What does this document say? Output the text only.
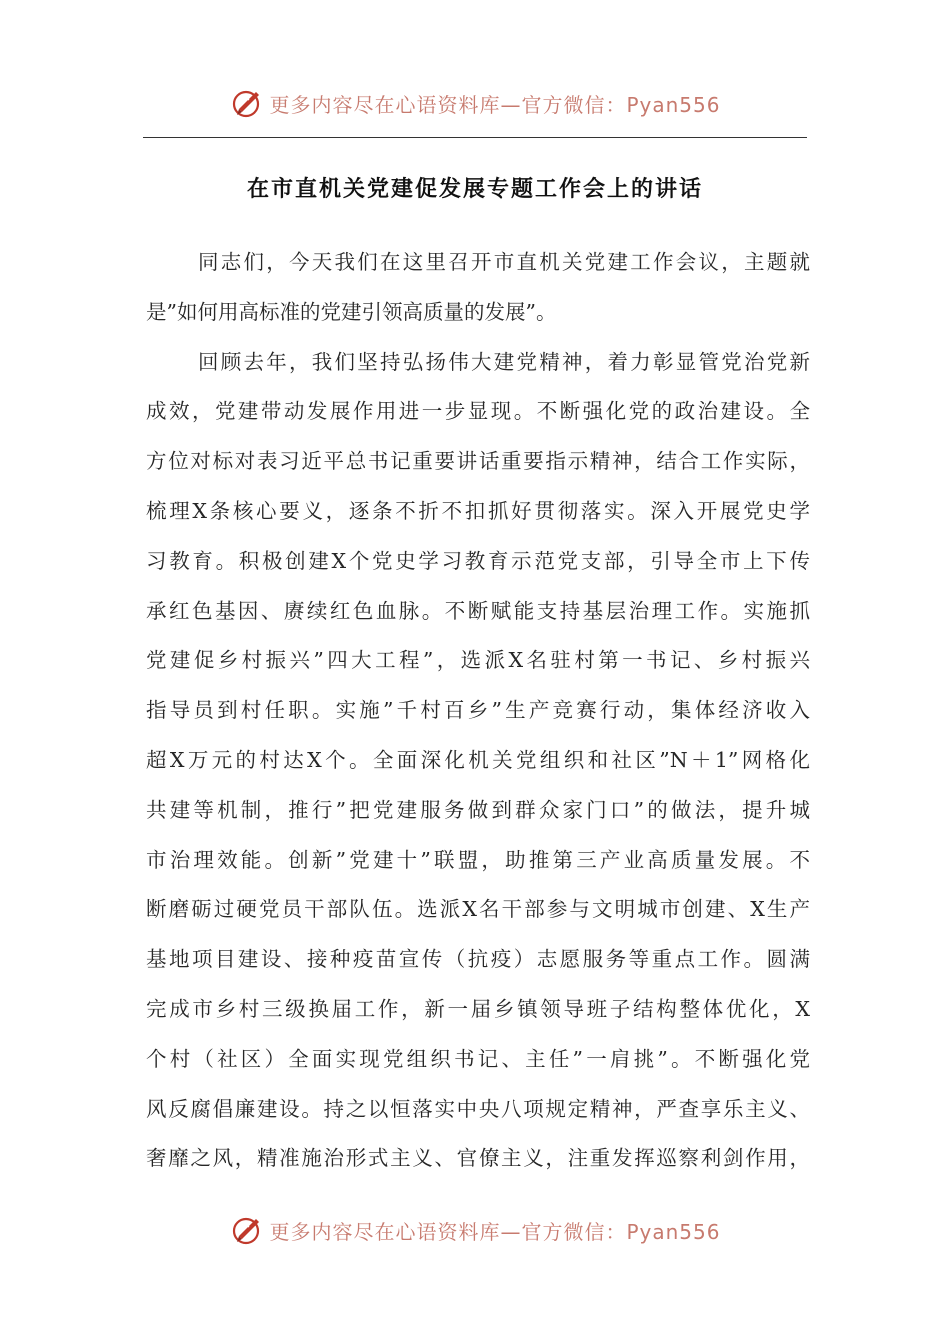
更多内容尽在心语资料库—官方微信：Pyan556
在市直机关党建促发展专题工作会上的讲话
同志们，今天我们在这里召开市直机关党建工作会议，主题就
是”如何用高标准的党建引领高质量的发展”。
回顾去年，我们坚持弘扬伟大建党精神，着力彰显管党治党新
成效，党建带动发展作用进一步显现。不断强化党的政治建设。全
方位对标对表习近平总书记重要讲话重要指示精神，结合工作实际，
梳理X条核心要义，逐条不折不扣抓好贯彻落实。深入开展党史学
习教育。积极创建X个党史学习教育示范党支部，引导全市上下传
承红色基因、赓续红色血脉。不断赋能支持基层治理工作。实施抓
党建促乡村振兴”四大工程”，选派X名驻村第一书记、乡村振兴
指导员到村任职。实施”千村百乡”生产竞赛行动，集体经济收入
超X万元的村达X个。全面深化机关党组织和社区”N＋1”网格化
共建等机制，推行”把党建服务做到群众家门口”的做法，提升城
市治理效能。创新”党建十”联盟，助推第三产业高质量发展。不
断磨砺过硬党员干部队伍。选派X名干部参与文明城市创建、X生产
基地项目建设、接种疫苗宣传（抗疫）志愿服务等重点工作。圆满
完成市乡村三级换届工作，新一届乡镇领导班子结构整体优化，X
个村（社区）全面实现党组织书记、主任”一肩挑”。不断强化党
风反腐倡廉建设。持之以恒落实中央八项规定精神，严查享乐主义、
奢靡之风，精准施治形式主义、官僚主义，注重发挥巡察利剑作用，
更多内容尽在心语资料库—官方微信：Pyan556
